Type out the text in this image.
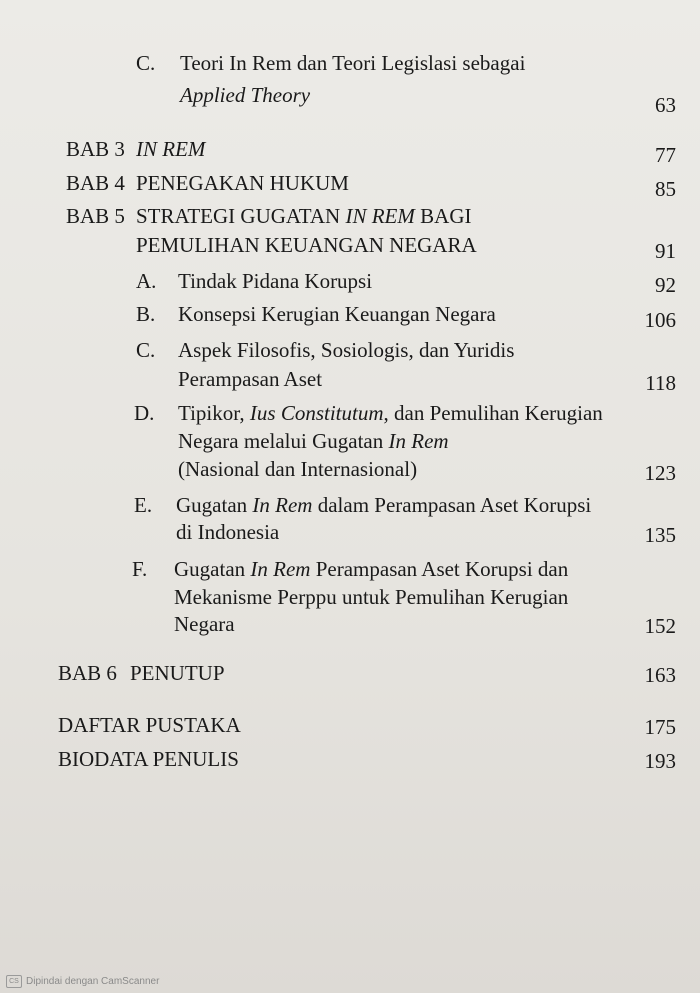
C. Teori In Rem dan Teori Legislasi sebagai
Applied Theory	63
BAB 3 IN REM	77
BAB 4 PENEGAKAN HUKUM	85
BAB 5 STRATEGI GUGATAN IN REM BAGI
PEMULIHAN KEUANGAN NEGARA	91
A. Tindak Pidana Korupsi	92
B. Konsepsi Kerugian Keuangan Negara	106
C. Aspek Filosofis, Sosiologis, dan Yuridis
Perampasan Aset	118
D. Tipikor, Ius Constitutum, dan Pemulihan Kerugian
Negara melalui Gugatan In Rem
(Nasional dan Internasional)	123
E. Gugatan In Rem dalam Perampasan Aset Korupsi
di Indonesia	135
F. Gugatan In Rem Perampasan Aset Korupsi dan
Mekanisme Perppu untuk Pemulihan Kerugian
Negara	152
BAB 6 PENUTUP	163
DAFTAR PUSTAKA	175
BIODATA PENULIS	193
CS Dipindai dengan CamScanner
